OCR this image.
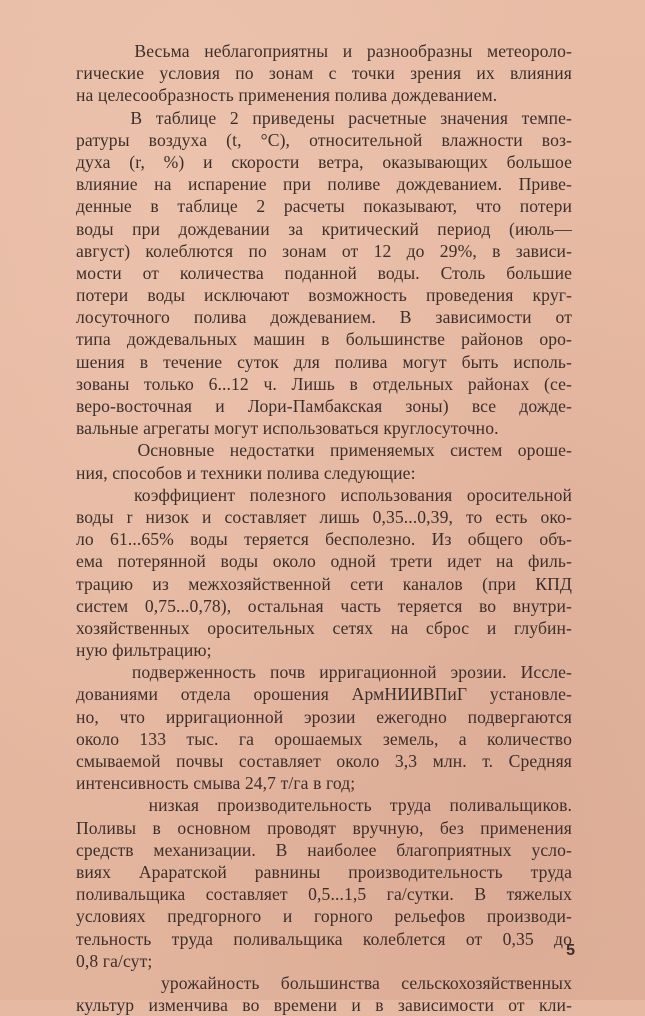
Весьма неблагоприятны и разнообразны метеороло-
гические условия по зонам с точки зрения их влияния
на целесообразность применения полива дождеванием.
В таблице 2 приведены расчетные значения темпе-
ратуры воздуха (t, °С), относительной влажности воз-
духа (r, %) и скорости ветра, оказывающих большое
влияние на испарение при поливе дождеванием. Приве-
денные в таблице 2 расчеты показывают, что потери
воды при дождевании за критический период (июль—
август) колеблются по зонам от 12 до 29%, в зависи-
мости от количества поданной воды. Столь большие
потери воды исключают возможность проведения круг-
лосуточного полива дождеванием. В зависимости от
типа дождевальных машин в большинстве районов оро-
шения в течение суток для полива могут быть исполь-
зованы только 6...12 ч. Лишь в отдельных районах (се-
веро-восточная и Лори-Памбакская зоны) все дожде-
вальные агрегаты могут использоваться круглосуточно.
Основные недостатки применяемых систем ороше-
ния, способов и техники полива следующие:
коэффициент полезного использования оросительной
воды r низок и составляет лишь 0,35...0,39, то есть око-
ло 61...65% воды теряется бесполезно. Из общего объ-
ема потерянной воды около одной трети идет на филь-
трацию из межхозяйственной сети каналов (при КПД
систем 0,75...0,78), остальная часть теряется во внутри-
хозяйственных оросительных сетях на сброс и глубин-
ную фильтрацию;
подверженность почв ирригационной эрозии. Иссле-
дованиями отдела орошения АрмНИИВПиГ установле-
но, что ирригационной эрозии ежегодно подвергаются
около 133 тыс. га орошаемых земель, а количество
смываемой почвы составляет около 3,3 млн. т. Средняя
интенсивность смыва 24,7 т/га в год;
низкая производительность труда поливальщиков.
Поливы в основном проводят вручную, без применения
средств механизации. В наиболее благоприятных усло-
виях Араратской равнины производительность труда
поливальщика составляет 0,5...1,5 га/сутки. В тяжелых
условиях предгорного и горного рельефов производи-
тельность труда поливальщика колеблется от 0,35 до
0,8 га/сут;
урожайность большинства сельскохозяйственных
культур изменчива во времени и в зависимости от кли-
5
